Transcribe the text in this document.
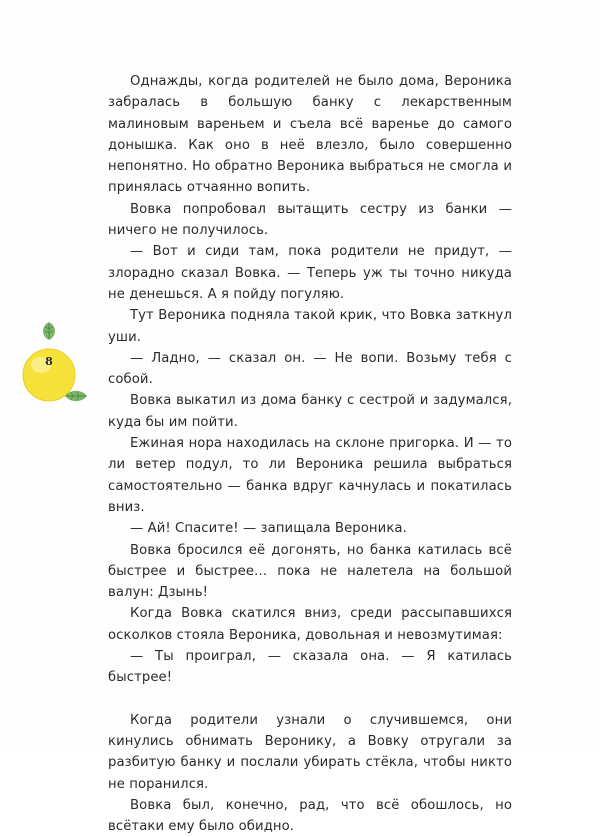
Однажды, когда родителей не было дома, Вероника забралась в большую банку с лекарственным малиновым вареньем и съела всё варенье до самого донышка. Как оно в неё влезло, было совершенно непонятно. Но обратно Вероника выбраться не смогла и принялась отчаянно вопить.

Вовка попробовал вытащить сестру из банки — ничего не получилось.

— Вот и сиди там, пока родители не придут, — злорадно сказал Вовка. — Теперь уж ты точно никуда не денешься. А я пойду погуляю.

Тут Вероника подняла такой крик, что Вовка заткнул уши.

— Ладно, — сказал он. — Не вопи. Возьму тебя с собой.

Вовка выкатил из дома банку с сестрой и задумался, куда бы им пойти.

Ежиная нора находилась на склоне пригорка. И — то ли ветер подул, то ли Вероника решила выбраться самостоятельно — банка вдруг качнулась и покатилась вниз.

— Ай! Спасите! — запищала Вероника.

Вовка бросился её догонять, но банка катилась всё быстрее и быстрее… пока не налетела на большой валун: Дзынь!

Когда Вовка скатился вниз, среди рассыпавшихся осколков стояла Вероника, довольная и невозмутимая:

— Ты проиграл, — сказала она. — Я катилась быстрее!

Когда родители узнали о случившемся, они кинулись обнимать Веронику, а Вовку отругали за разбитую банку и послали убирать стёкла, чтобы никто не поранился.

Вовка был, конечно, рад, что всё обошлось, но всётаки ему было обидно.

8
